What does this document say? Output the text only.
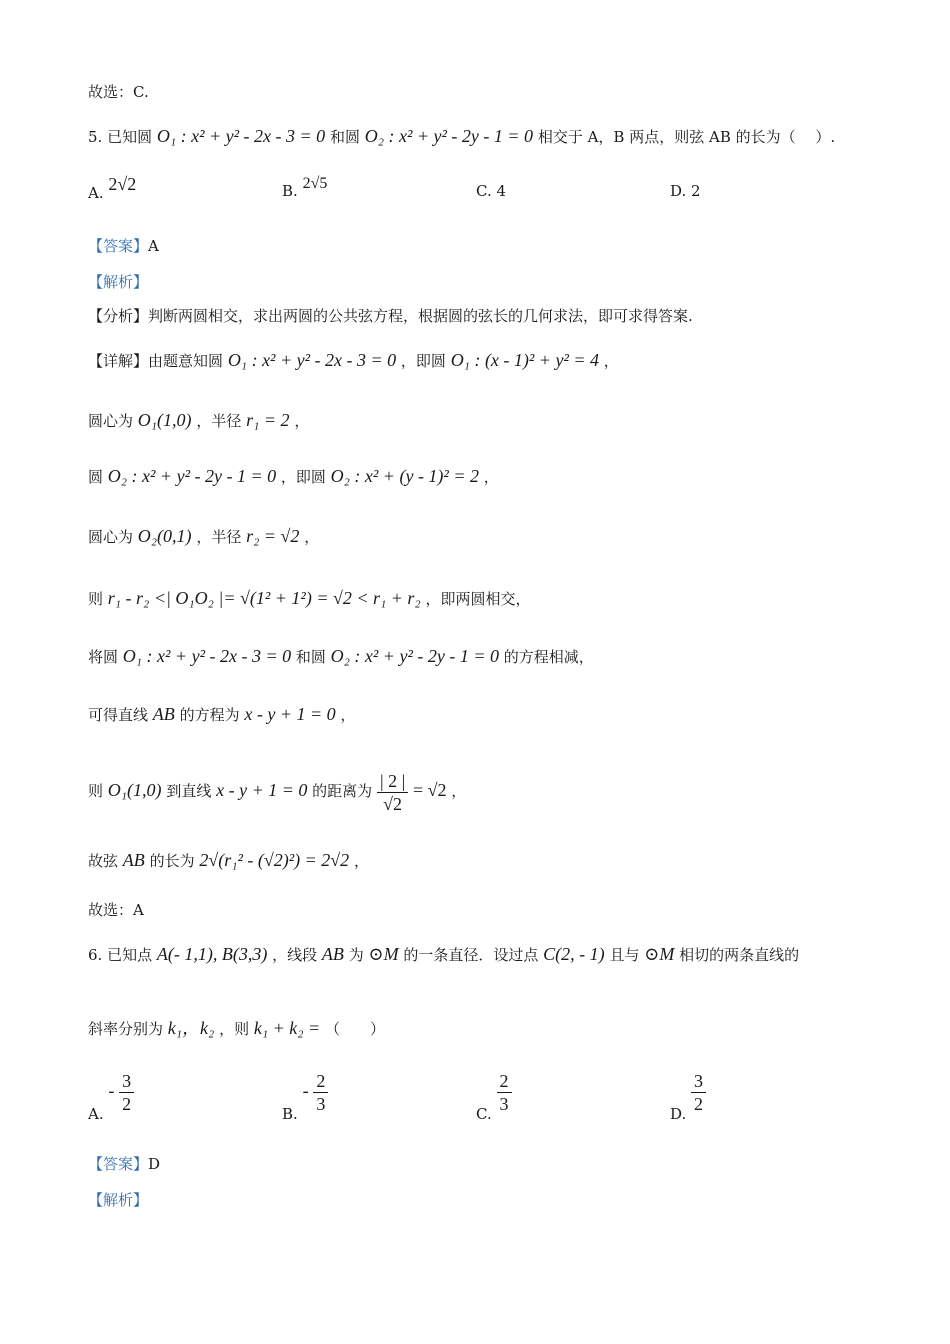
故选：C.
5. 已知圆 O₁ : x² + y² - 2x - 3 = 0 和圆 O₂ : x² + y² - 2y - 1 = 0 相交于 A，B 两点，则弦 AB 的长为（　 ）.
A. 2√2	B. 2√5	C. 4	D. 2
【答案】A
【解析】
【分析】判断两圆相交，求出两圆的公共弦方程，根据圆的弦长的几何求法，即可求得答案.
【详解】由题意知圆 O₁ : x² + y² - 2x - 3 = 0 ，即圆 O₁ : (x - 1)² + y² = 4 ，
圆心为 O₁(1,0) ，半径 r₁ = 2 ，
圆 O₂ : x² + y² - 2y - 1 = 0 ，即圆 O₂ : x² + (y - 1)² = 2 ，
圆心为 O₂(0,1) ，半径 r₂ = √2 ，
则 r₁ - r₂ <| O₁O₂ |= √(1² + 1²) = √2 < r₁ + r₂ ，即两圆相交，
将圆 O₁ : x² + y² - 2x - 3 = 0 和圆 O₂ : x² + y² - 2y - 1 = 0 的方程相减，
可得直线 AB 的方程为 x - y + 1 = 0 ，
则 O₁(1,0) 到直线 x - y + 1 = 0 的距离为 $\frac{| 2 |}{√2} = √2$ ，
故弦 AB 的长为 2√(r₁² - (√2)²) = 2√2 ，
故选：A
6. 已知点 A(- 1,1), B(3,3) ，线段 AB 为 ⊙M 的一条直径．设过点 C(2, - 1) 且与 ⊙M 相切的两条直线的
斜率分别为 k₁，k₂ ，则 k₁ + k₂ = （　　）
A. - $\frac{3}{2}$	B. - $\frac{2}{3}$	C. $\frac{2}{3}$	D. $\frac{3}{2}$
【答案】D
【解析】
